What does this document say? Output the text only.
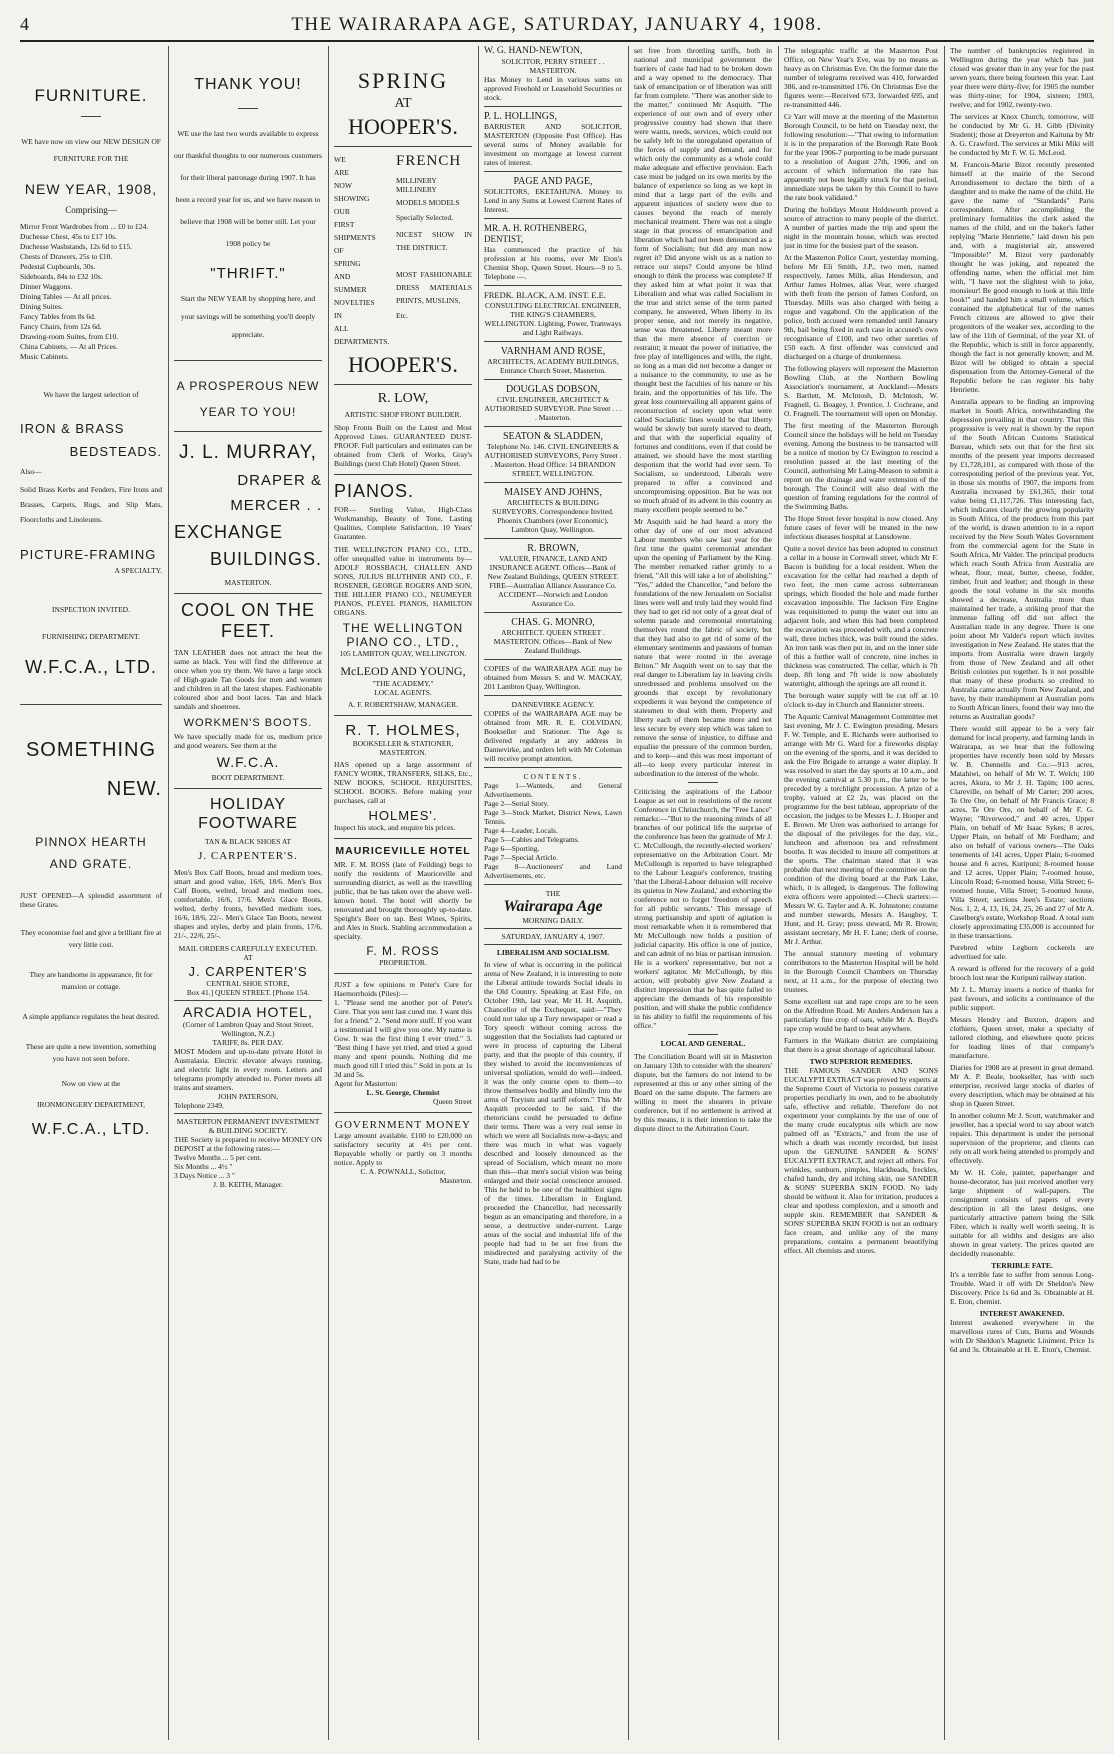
4	THE WAIRARAPA AGE, SATURDAY, JANUARY 4, 1908.
FURNITURE.
WE have now on view our NEW DESIGN OF FURNITURE FOR THE
NEW YEAR, 1908,
Comprising—
Mirror Front Wardrobes from ... £0 to £24.
Duchesse Chest, 45s to £17 10s.
Duchesse Washstands, 12s 6d to £15.
Chests of Drawers, 25s to £10.
Pedestal Cupboards, 30s.
Sideboards, 84s to £32 10s.
Dinner Waggons.
Dining Tables — At all prices.
Dining Suites.
Fancy Tables from 8s 6d.
Fancy Chairs, from 12s 6d.
Drawing-room Suites, from £10.
China Cabinets, — At all Prices.
Music Cabinets.
We have the largest selection of
IRON & BRASS
BEDSTEADS.
Also—
Solid Brass Kerbs and Fenders, Fire Irons and Brasses, Carpets, Rugs, and Slip Mats, Floorcloths and Linoleums.
PICTURE-FRAMING
A SPECIALTY.
INSPECTION INVITED.
FURNISHING DEPARTMENT.
W.F.C.A., LTD.
SOMETHING
NEW.
PINNOX HEARTH AND GRATE.
JUST OPENED—A splendid assortment of these Grates.
They economise fuel and give a brilliant fire at very little cost.
They are handsome in appearance, fit for mansion or cottage.
A simple appliance regulates the heat desired.
These are quite a new invention, something you have not seen before.
Now on view at the
IRONMONGERY DEPARTMENT,
W.F.C.A., LTD.
THANK YOU!
WE use the last two words available to express our thankful thoughts to our numerous customers for their liberal patronage during 1907. It has been a record year for us, and we have reason to believe that 1908 will be better still. Let your 1908 policy be
"THRIFT."
Start the NEW YEAR by shopping here, and your savings will be something you'll deeply appreciate.
A PROSPEROUS NEW YEAR TO YOU!
J. L. MURRAY,
DRAPER &
MERCER . .
EXCHANGE
BUILDINGS.
MASTERTON.
COOL ON THE FEET.
TAN LEATHER does not attract the heat the same as black. You will find the difference at once when you try them. We have a large stock of High-grade Tan Goods for men and women and children in all the latest shapes. Fashionable coloured shoe and boot laces. Tan and black sandals and shoetrees.
WORKMEN'S BOOTS.
We have specially made for us, medium price and good wearers. See them at the
W.F.C.A.
BOOT DEPARTMENT.
HOLIDAY FOOTWARE
TAN & BLACK SHOES AT
J. CARPENTER'S.
Men's Box Calf Boots, broad and medium toes, smart and good value, 16/6, 18/6. Men's Box Calf Boots, welted, broad and medium toes, comfortable, 16/6, 17/6. Men's Glace Boots, welted, derby fronts, bevelled medium toes, 16/6, 18/6, 22/-. Men's Glace Tan Boots, newest shapes and styles, derby and plain fronts, 17/6, 21/-, 22/6, 25/-.
MAIL ORDERS CAREFULLY EXECUTED.
AT
J. CARPENTER'S
CENTRAL SHOE STORE,
Box 41.] QUEEN STREET. [Phone 154.
ARCADIA HOTEL,
(Corner of Lambton Quay and Stout Street, Wellington, N.Z.)
TARIFF, 8s. PER DAY.
MOST Modern and up-to-date private Hotel in Australasia. Electric elevator always running, and electric light in every room. Letters and telegrams promptly attended to. Porter meets all trains and steamers.
JOHN PATERSON,
Telephone 2349.
MASTERTON PERMANENT INVESTMENT & BUILDING SOCIETY.
THE Society is prepared to receive MONEY ON DEPOSIT at the following rates:—
Twelve Months ... 5 per cent.
Six Months ... 4½ "
3 Days Notice ... 3 "
J. B. KEITH, Manager.
SPRING
AT
HOOPER'S.
WE
ARE
NOW
SHOWING
OUR
FIRST
SHIPMENTS
OF
SPRING
AND
SUMMER
NOVELTIES
IN
ALL
DEPARTMENTS.
FRENCH
MILLINERY MILLINERY
MODELS MODELS
Specially Selected.
NICEST SHOW IN THE DISTRICT.
MOST FASHIONABLE DRESS MATERIALS PRINTS, MUSLINS,
Etc.
HOOPER'S.
R. LOW,
ARTISTIC SHOP FRONT BUILDER.
Shop Fronts Built on the Latest and Most Approved Lines. GUARANTEED DUST-PROOF. Full particulars and estimates can be obtained from Clerk of Works, Gray's Buildings (next Club Hotel) Queen Street.
PIANOS.
FOR— Sterling Value, High-Class Workmanship, Beauty of Tone, Lasting Qualities, Complete Satisfaction, 10 Years' Guarantee.
THE WELLINGTON PIANO CO., LTD., offer unequalled value in instruments by— ADOLF ROSSBACH, CHALLEN AND SONS, JULIUS BLUTHNER AND CO., F. ROSENER, GEORGE ROGERS AND SON, THE HILLIER PIANO CO., NEUMEYER PIANOS, PLEYEL PIANOS, HAMILTON ORGANS.
THE WELLINGTON PIANO CO., LTD.,
105 LAMBTON QUAY, WELLINGTON.
McLEOD AND YOUNG,
"THE ACADEMY,"
LOCAL AGENTS.
A. F. ROBERTSHAW, MANAGER.
R. T. HOLMES,
BOOKSELLER & STATIONER, MASTERTON.
HAS opened up a large assortment of FANCY WORK, TRANSFERS, SILKS, Etc., NEW BOOKS, SCHOOL REQUISITES, SCHOOL BOOKS. Before making your purchases, call at
HOLMES'.
Inspect his stock, and enquire his prices.
MAURICEVILLE HOTEL
MR. F. M. ROSS (late of Feilding) begs to notify the residents of Mauriceville and surrounding district, as well as the travelling public, that he has taken over the above well-known hotel. The hotel will shortly be renovated and brought thoroughly up-to-date. Speight's Beer on tap. Best Wines, Spirits, and Ales in Stock. Stabling accommodation a specialty.
F. M. ROSS
PROPRIETOR.
JUST a few opinions re Peter's Cure for Haemorrhoids (Piles):—
1. "Please send me another pot of Peter's Cure. That you sent last cured me. I want this for a friend." 2. "Send more stuff. If you want a testimonial I will give you one. My name is Gow. It was the first thing I ever tried." 3. "Best thing I have yet tried, and tried a good many and spent pounds. Nothing did me much good till I tried this." Sold in pots at 1s 3d and 5s.
Agent for Masterton:
L. St. George, Chemist
Queen Street
GOVERNMENT MONEY
Large amount available. £100 to £20,000 on satisfactory security at 4½ per cent. Repayable wholly or partly on 3 months notice. Apply to
C. A. POWNALL, Solicitor,
Masterton.
W. G. HAND-NEWTON,
SOLICITOR, PERRY STREET . . MASTERTON.
Has Money to Lend in various sums on approved Freehold or Leasehold Securities or stock.
P. L. HOLLINGS,
BARRISTER AND SOLICITOR, MASTERTON (Opposite Post Office). Has several sums of Money available for investment on mortgage at lowest current rates of interest.
PAGE AND PAGE,
SOLICITORS, EKETAHUNA. Money to Lend in any Sums at Lowest Current Rates of Interest.
MR. A. H. ROTHENBERG, DENTIST,
Has commenced the practice of his profession at his rooms, over Mr Eton's Chemist Shop, Queen Street. Hours—9 to 5. Telephone —.
FREDK. BLACK, A.M. INST. E.E.
CONSULTING ELECTRICAL ENGINEER, THE KING'S CHAMBERS, WELLINGTON. Lighting, Power, Tramways and Light Railways.
VARNHAM AND ROSE,
ARCHITECTS, ACADEMY BUILDINGS, Entrance Church Street, Masterton.
DOUGLAS DOBSON,
CIVIL ENGINEER, ARCHITECT & AUTHORISED SURVEYOR. Pine Street . . . . Masterton.
SEATON & SLADDEN,
Telephone No. 146. CIVIL ENGINEERS & AUTHORISED SURVEYORS, Perry Street . . Masterton. Head Office: 14 BRANDON STREET, WELLINGTON.
MAISEY AND JOHNS,
ARCHITECTS & BUILDING SURVEYORS. Correspondence Invited. Phoenix Chambers (over Economic), Lambton Quay, Wellington.
R. BROWN,
VALUER, FINANCE, LAND AND INSURANCE AGENT. Offices—Bank of New Zealand Buildings, QUEEN STREET. FIRE—Australian Alliance Assurance Co. ACCIDENT—Norwich and London Assurance Co.
CHAS. G. MONRO,
ARCHITECT. QUEEN STREET . MASTERTON. Offices—Bank of New Zealand Buildings.
COPIES of the WAIRARAPA AGE may be obtained from Messrs S. and W. MACKAY, 201 Lambton Quay, Wellington.
DANNEVIRKE AGENCY.
COPIES of the WAIRARAPA AGE may be obtained from MR. R. E. COLVIDAN, Bookseller and Stationer. The Age is delivered regularly at any address in Dannevirke, and orders left with Mr Coleman will receive prompt attention.
CONTENTS.
Page 1—Wanteds, and General Advertisements.
Page 2—Serial Story.
Page 3—Stock Market, District News, Lawn Tennis.
Page 4—Leader, Locals.
Page 5—Cables and Telegrams.
Page 6—Sporting.
Page 7—Special Article.
Page 8—Auctioneers' and Land Advertisements, etc.
THE
Wairarapa Age
MORNING DAILY.
SATURDAY, JANUARY 4, 1907.
LIBERALISM AND SOCIALISM.
In view of what is occurring in the political arena of New Zealand, it is interesting to note the Liberal attitude towards Social ideals in the Old Country. Speaking at East Fife, on October 19th, last year, Mr H. H. Asquith, Chancellor of the Exchequer, said:—"They could not take up a Tory newspaper or read a Tory speech without coming across the suggestion that the Socialists had captured or were in process of capturing the Liberal party, and that the people of this country, if they wished to avoid the inconveniences of universal spoliation, would do well—indeed, it was the only course open to them—to throw themselves bodily and blindly into the arms of Toryism and tariff reform." This Mr Asquith proceeded to be said, if the rhetoricians could be persuaded to define their terms. There was a very real sense in which we were all Socialists now-a-days; and there was much in what was vaguely described and loosely denounced as the spread of Socialism, which meant no more than this—that men's social vision was being enlarged and their social conscience aroused. This he held to be one of the healthiest signs of the times. Liberalism in England, proceeded the Chancellor, had necessarily begun as an emancipating and therefore, in a sense, a destructive under-current. Large areas of the social and industrial life of the people had had to be set free from the misdirected and paralysing activity of the State, trade had had to be

set free from throttling tariffs, both in national and municipal government the barriers of caste had had to be broken down and a way opened to the democracy. That task of emancipation or of liberation was still far from complete. "There was another side to the matter," continued Mr Asquith. "The experience of our own and of every other progressive country had shown that there were wants, needs, services, which could not be safely left to the unregulated operation of the forces of supply and demand, and for which only the community as a whole could make adequate and effective provision. Each case must be judged on its own merits by the balance of experience so long as we kept in mind that a large part of the evils and apparent injustices of society were due to causes beyond the reach of merely mechanical treatment. There was not a single stage in that process of emancipation and liberation which had not been denounced as a form of Socialism; but did any man now regret it? Did anyone wish us as a nation to retrace our steps? Could anyone be blind enough to think the process was complete? If they asked him at what point it was that Liberalism and what was called Socialism in the true and strict sense of the term parted company, he answered, When liberty in its proper sense, and not merely its negative, sense was threatened. Liberty meant more than the mere absence of coercion or restraint; it meant the power of initiative, the free play of intelligences and wills, the right, so long as a man did not become a danger or a nuisance to the community, to use as he thought best the faculties of his nature or his brain, and the opportunities of his life. The great loss countervailing all apparent gains of reconstruction of society upon what were called Socialistic lines would be that liberty would be slowly but surely starved to death, and that with the superficial equality of fortunes and conditions, even if that could be attained, we should have the most startling despotism that the world had ever seen. To Socialism, so understood, Liberals were prepared to offer a convinced and uncompromising opposition. But he was not so much afraid of its advent in this country as many excellent people seemed to be."

Mr Asquith said he had heard a story the other day of one of our most advanced Labour members who saw last year for the first time the quaint ceremonial attendant upon the opening of Parliament by the King. The member remarked rather grimly to a friend, "All this will take a lot of abolishing." "Yes," added the Chancellor, "and before the foundations of the new Jerusalem on Socialist lines were well and truly laid they would find they had to get rid not only of a great deal of solemn parade and ceremonial entertaining themselves round the fabric of society, but that they had also to get rid of some of the elementary sentiments and passions of human nature that were rooted in the average Briton." Mr Asquith went on to say that the real danger to Liberalism lay in leaving civils unredressed and problems unsolved on the grounds that except by revolutionary expedients it was beyond the competence of statesmen to deal with them. Property and liberty each of them became more and not less secure by every step which was taken to remove the sense of injustice, to diffuse and equalise the pressure of the common burden, and to keep—and this was most important of all—to keep every particular interest in subordination to the interest of the whole.

Criticising the aspirations of the Labour League as set out in resolutions of the recent Conference in Christchurch, the "Free Lance" remarks:—"But to the reasoning minds of all branches of our political life the surprise of the conference has been the gratitude of Mr J. C. McCullough, the recently-elected workers' representative on the Arbitration Court. Mr McCullough is reported to have telegraphed to the Labour League's conference, trusting 'that the Liberal-Labour delusion will receive its quietus in New Zealand,' and exhorting the conference not to forget 'freedom of speech for all public servants.' This message of strong partisanship and spirit of agitation is most remarkable when it is remembered that Mr McCullough now holds a position of judicial capacity. His office is one of justice, and can admit of no bias or partisan intrusion. He is a workers' representative, but not a workers' agitator. Mr McCullough, by this action, will probably give New Zealand a distinct impression that he has quite failed to appreciate the demands of his responsible position, and will shake the public confidence in his ability to fulfil the requirements of his office."

LOCAL AND GENERAL.

The Conciliation Board will sit in Masterton on January 13th to consider with the shearers' dispute, but the farmers do not intend to be represented at this or any other sitting of the Board on the same dispute. The farmers are willing to meet the shearers in private conference, but if no settlement is arrived at by this means, it is their intention to take the dispute direct to the Arbitration Court.

The telegraphic traffic at the Masterton Post Office, on New Year's Eve, was by no means as heavy as on Christmas Eve. On the former date the number of telegrams received was 410, forwarded 386, and re-transmitted 176. On Christmas Eve the figures were:—Received 673, forwarded 695, and re-transmitted 446.

Cr Yarr will move at the meeting of the Masterton Borough Council, to be held on Tuesday next, the following resolution:—"That owing to information it is in the preparation of the Borough Rate Book for the year 1906-7 purporting to be made pursuant to a resolution of August 27th, 1906, and on account of which information the rate has apparently not been legally struck for that period, immediate steps be taken by this Council to have the rate book validated."

During the holidays Mount Holdsworth proved a source of attraction to many people of the district. A number of parties made the trip and spent the night in the mountain house, which was erected just in time for the busiest part of the season.

At the Masterton Police Court, yesterday morning, before Mr Eli Smith, J.P., two men, named respectively, James Mills, alias Henderson, and Arthur James Holmes, alias Vear, were charged with theft from the person of James Cosford, on Thursday. Mills was also charged with being a rogue and vagabond. On the application of the police, both accused were remanded until January 9th, bail being fixed in each case in accused's own recognisance of £100, and two other sureties of £50 each. A first offender was convicted and discharged on a charge of drunkenness.

The following players will represent the Masterton Bowling Club, at the Northern Bowling Association's tournament, at Auckland:—Messrs S. Bartlett, M. McIntosh, D. McIntosh, W. Fragnell, G. Boagey, J. Prentice, J. Cochrane, and O. Fragnell. The tournament will open on Monday.

The first meeting of the Masterton Borough Council since the holidays will be held on Tuesday evening. Among the business to be transacted will be a notice of motion by Cr Ewington to rescind a resolution passed at the last meeting of the Council, authorising Mr Laing-Meason to submit a report on the drainage and water extension of the borough. The Council will also deal with the question of framing regulations for the control of the Swimming Baths.

The Hope Street fever hospital is now closed. Any future cases of fever will be treated in the new infectious diseases hospital at Lansdowne.

Quite a novel device has been adopted to construct a cellar in a house in Cornwall street, which Mr F. Bacon is building for a local resident. When the excavation for the cellar had reached a depth of two feet, the men came across subterranean springs, which flooded the hole and made further excavation impossible. The Jackson Fire Engine was requisitioned to pump the water out into an adjacent hole, and when this had been completed the excavation was proceeded with, and a concrete wall, three inches thick, was built round the sides. An iron tank was then put in, and on the inner side of this a further wall of concrete, nine inches in thickness was constructed. The cellar, which is 7ft deep, 8ft long and 7ft wide is now absolutely watertight, although the springs are all round it.

The borough water supply will be cut off at 10 o'clock to-day in Church and Bannister streets.

The Aquatic Carnival Management Committee met last evening, Mr J. C. Ewington presiding. Messrs F. W. Temple, and E. Richards were authorised to arrange with Mr G. Ward for a fireworks display on the evening of the sports, and it was decided to ask the Fire Brigade to arrange a water display. It was resolved to start the day sports at 10 a.m., and the evening carnival at 5.30 p.m., the latter to be preceded by a torchlight procession. A prize of a trophy, valued at £2 2s, was placed on the programme for the best tableau, appropriate of the occasion, the judges to be Messrs L. J. Hooper and E. Brown. Mr Uren was authorised to arrange for the disposal of the privileges for the day, viz., luncheon and afternoon tea and refreshment booths. It was decided to insure all competitors at the sports. The chairman stated that it was probable that next meeting of the committee on the condition of the diving board at the Park Lake, which, it is alleged, is dangerous. The following extra officers were appointed:—Check starters:—Messrs W. G. Tayler and A. K. Johnstone; costume and number stewards, Messrs A. Haughey, T. Hunt, and H. Gray; press steward, Mr R. Brown; assistant secretary, Mr H. F. Lane; clerk of course, Mr J. Arthur.

The annual statutory meeting of voluntary contributors to the Masterton Hospital will be held in the Borough Council Chambers on Thursday next, at 11 a.m., for the purpose of electing two trustees.

Some excellent oat and rape crops are to be seen on the Alfredton Road. Mr Anders Anderson has a particularly fine crop of oats, while Mr A. Boyd's rape crop would be hard to beat anywhere.

Farmers in the Waikato district are complaining that there is a great shortage of agricultural labour.

TWO SUPERIOR REMEDIES.

THE FAMOUS SANDER AND SONS EUCALYPTI EXTRACT was proved by experts at the Supreme Court of Victoria to possess curative properties peculiarly its own, and to be absolutely safe, effective and reliable. Therefore do not experiment your complaints by the use of one of the many crude eucalyptus oils which are now palmed off as "Extracts," and from the use of which a death was recently recorded, but insist upon the GENUINE SANDER & SONS' EUCALYPTI EXTRACT, and reject all others. For wrinkles, sunburn, pimples, blackheads, freckles, chafed hands, dry and itching skin, use SANDER & SONS' SUPERBA SKIN FOOD. No lady should be without it. Also for irritation, produces a clear and spotless complexion, and a smooth and supple skin. REMEMBER that SANDER & SONS' SUPERBA SKIN FOOD is not an ordinary face cream, and unlike any of the many preparations, contains a permanent beautifying effect. All chemists and stores.

The number of bankruptcies registered in Wellington during the year which has just closed was greater than in any year for the past seven years, there being fourteen this year. Last year there were thirty-five; for 1905 the number was thirty-nine; for 1904, sixteen; 1903, twelve; and for 1902, twenty-two.

The services at Knox Church, tomorrow, will be conducted by Mr G. H. Gibb (Divinity Student); those at Dreyerton and Kaituna by Mr A. G. Crawford. The services at Miki Miki will be conducted by Mr F. W. G. McLeod.

M. Francois-Marie Bizot recently presented himself at the mairie of the Second Arrondissement to declare the birth of a daughter and to make the name of the child. He gave the name of "Standards" Paris correspondent. After accomplishing the preliminary formalities the clerk asked the names of the child, and on the baker's father replying "Marie Henriette," laid down his pen and, with a magisterial air, answered "Impossible!" M. Bizot very pardonably thought he was joking, and repeated the offending name, when the official met him with, "I have not the slightest wish to joke, monsieur! Be good enough to look at this little book!" and handed him a small volume, which contained the alphabetical list of the names French citizens are allowed to give their progenitors of the weaker sex, according to the law of the 11th of Germinal, of the year XI. of the Republic, which is still in force apparently, though the fact is not generally known; and M. Bizot will be obliged to obtain a special dispensation from the Attorney-General of the Republic before he can register his baby Henriette.

Australia appears to be finding an improving market in South Africa, notwithstanding the depression prevailing in that country. That this progressive is very real is shown by the report of the South African Customs Statistical Bureau, which sets out that for the first six months of the present year imports decreased by £1,728,101, as compared with those of the corresponding period of the previous year. Yet, in those six months of 1907, the imports from Australia increased by £61,365, their total value being £1,117,726. This interesting fact, which indicates clearly the growing popularity in South Africa, of the products from this part of the world, is drawn attention to in a report received by the New South Wales Government from the commercial agent for the State in South Africa, Mr Valder. The principal products which reach South Africa from Australia are wheat, flour, meat, butter, cheese, fodder, timber, fruit and leather; and though in these goods the total volume in the six months showed a decrease, Australia more than maintained her trade, a striking proof that the immense falling off did not affect the Australian trade in any degree. There is one point about Mr Valder's report which invites investigation in New Zealand. He states that the imports from Australia were drawn largely from those of New Zealand and all other British colonies put together. Is it not possible that many of these products so credited to Australia came actually from New Zealand, and have, by their transhipment at Australian ports to South African liners, found their way into the returns as Australian goods?

There would still appear to be a very fair demand for local property, and farming lands in Wairarapa, as we hear that the following properties have recently been sold by Messrs W. B. Chennells and Co.:—913 acres, Matahiwi, on behalf of Mr W. T. Welch; 100 acres, Akura, to Mr J. H. Tapim; 100 acres, Clareville, on behalf of Mr Carter; 200 acres, Te Ore Ore, on behalf of Mr Francis Grace; 8 acres, Te Ore Ore, on behalf of Mr F. G. Wayne; "Riverwood," and 40 acres, Upper Plain, on behalf of Mr Isaac Sykes; 8 acres, Upper Plain, on behalf of Mr Fordham; and also on behalf of various owners—The Oaks tenements of 141 acres, Upper Plain; 6-roomed house and 6 acres, Kuripuni; 8-roomed house and 12 acres, Upper Plain; 7-roomed house, Lincoln Road; 6-roomed house, Villa Street; 6-roomed house, Villa Street; 5-roomed house, Villa Street; sections Jeen's Estate; sections Nos. 1, 2, 4, 13, 16, 24, 25, 26 and 27 of Mr A. Caselberg's estate, Workshop Road. A total sum closely approximating £35,000 is accounted for in these transactions.

Purebred white Leghorn cockerels are advertised for sale.

A reward is offered for the recovery of a gold brooch lost near the Kuripuni railway station.

Mr J. L. Murray inserts a notice of thanks for past favours, and solicits a continuance of the public support.

Messrs Hendry and Buxton, drapers and clothiers, Queen street, make a specialty of tailored clothing, and elsewhere quote prices for leading lines of that company's manufacture.

Diaries for 1908 are at present in great demand. Mr A. P. Beale, bookseller, has with such enterprise, received large stocks of diaries of every description, which may be obtained at his shop in Queen Street.

In another column Mr J. Scott, watchmaker and jeweller, has a special word to say about watch repairs. This department is under the personal supervision of the proprietor, and clients can rely on all work being attended to promptly and effectively.

Mr W. H. Cole, painter, paperhanger and house-decorator, has just received another very large shipment of wall-papers. The consignment consists of papers of every description in all the latest designs, one particularly attractive pattern being the Silk Fibre, which is really well worth seeing. It is suitable for all widths and designs are also shown in great variety. The prices quoted are decidedly reasonable.

TERRIBLE FATE.

It's a terrible fate to suffer from senous Long-Trouble. Ward it off with Dr Sheldon's New Discovery. Price 1s 6d and 3s. Obtainable at H. E. Eton, chemist.

INTEREST AWAKENED.

Interest awakened everywhere in the marvellous cures of Cuts, Burns and Wounds with Dr Sheldon's Magnetic Liniment. Price 1s 6d and 3s. Obtainable at H. E. Eton's, Chemist.
